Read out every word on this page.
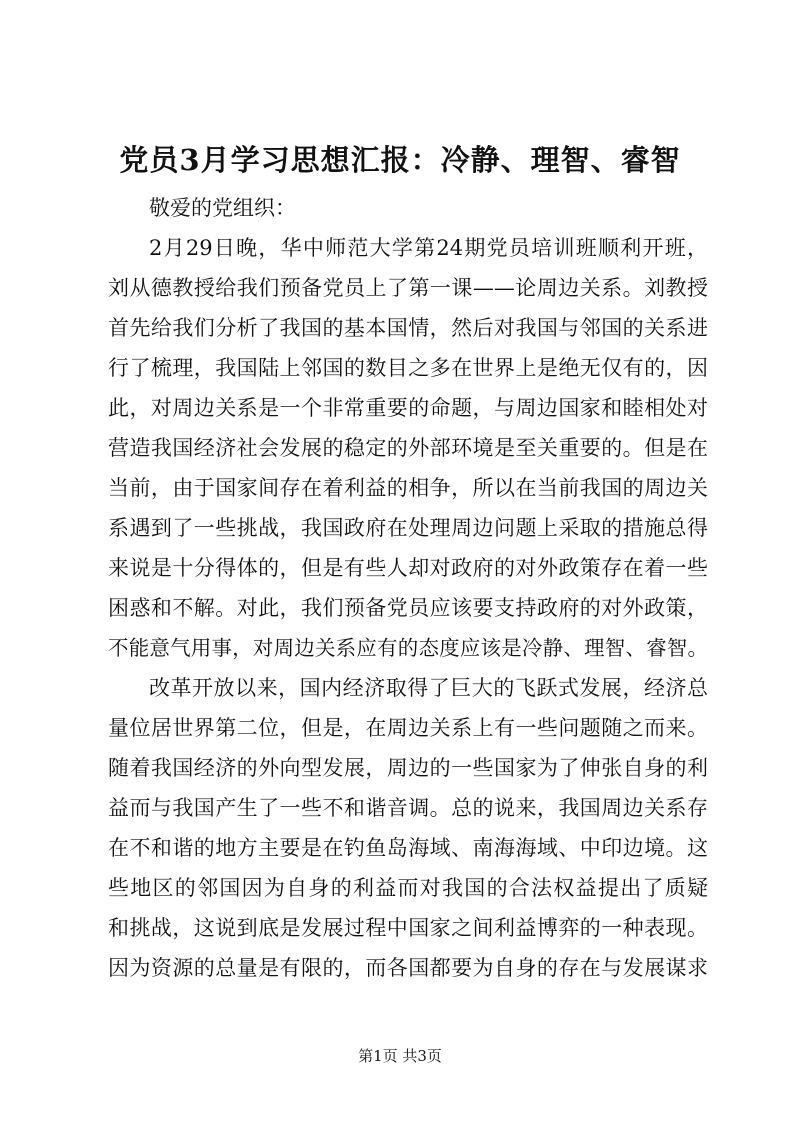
党员3月学习思想汇报：冷静、理智、睿智
敬爱的党组织：
2月29日晚，华中师范大学第24期党员培训班顺利开班，
刘从德教授给我们预备党员上了第一课——论周边关系。刘教授
首先给我们分析了我国的基本国情，然后对我国与邻国的关系进
行了梳理，我国陆上邻国的数目之多在世界上是绝无仅有的，因
此，对周边关系是一个非常重要的命题，与周边国家和睦相处对
营造我国经济社会发展的稳定的外部环境是至关重要的。但是在
当前，由于国家间存在着利益的相争，所以在当前我国的周边关
系遇到了一些挑战，我国政府在处理周边问题上采取的措施总得
来说是十分得体的，但是有些人却对政府的对外政策存在着一些
困惑和不解。对此，我们预备党员应该要支持政府的对外政策，
不能意气用事，对周边关系应有的态度应该是冷静、理智、睿智。
改革开放以来，国内经济取得了巨大的飞跃式发展，经济总
量位居世界第二位，但是，在周边关系上有一些问题随之而来。
随着我国经济的外向型发展，周边的一些国家为了伸张自身的利
益而与我国产生了一些不和谐音调。总的说来，我国周边关系存
在不和谐的地方主要是在钓鱼岛海域、南海海域、中印边境。这
些地区的邻国因为自身的利益而对我国的合法权益提出了质疑
和挑战，这说到底是发展过程中国家之间利益博弈的一种表现。
因为资源的总量是有限的，而各国都要为自身的存在与发展谋求
第1页 共3页
